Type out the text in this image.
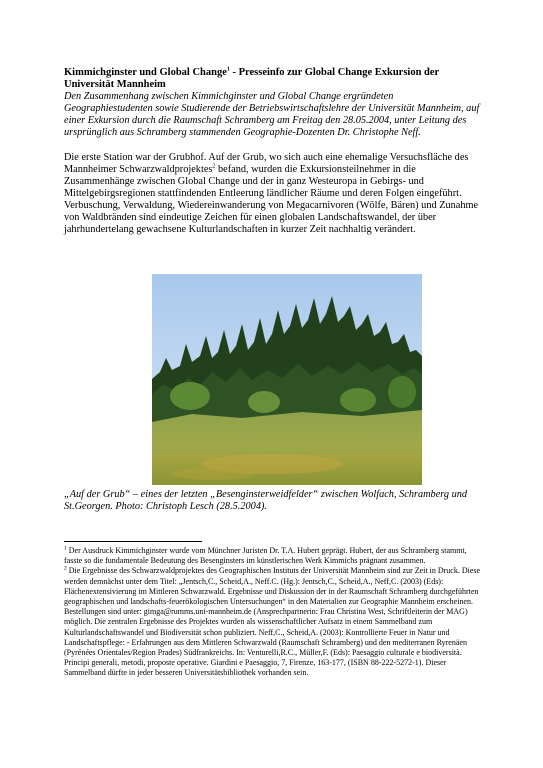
Kimmichginster und Global Change$^1$ - Presseinfo zur Global Change Exkursion der Universität Mannheim
Den Zusammenhang zwischen Kimmichginster und Global Change ergründeten Geographiestudenten sowie Studierende der Betriebswirtschaftslehre der Universität Mannheim, auf einer Exkursion durch die Raumschaft Schramberg am Freitag den 28.05.2004, unter Leitung des ursprünglich aus Schramberg stammenden Geographie-Dozenten Dr. Christophe Neff.
Die erste Station war der Grubhof. Auf der Grub, wo sich auch eine ehemalige Versuchsfläche des Mannheimer Schwarzwaldprojektes$^2$ befand, wurden die Exkursionsteilnehmer in die Zusammenhänge zwischen Global Change und der in ganz Westeuropa in Gebirgs- und Mittelgebirgsregionen stattfindenden Entleerung ländlicher Räume und deren Folgen eingeführt. Verbuschung, Verwaldung, Wiedereinwanderung von Megacarnivoren (Wölfe, Bären) und Zunahme von Waldbränden sind eindeutige Zeichen für einen globalen Landschaftswandel, der über jahrhundertelang gewachsene Kulturlandschaften in kurzer Zeit nachhaltig verändert.
„Auf der Grub“ – eines der letzten „Besenginsterweidfelder“ zwischen Wolfach, Schramberg und St.Georgen. Photo: Christoph Lesch (28.5.2004).

$^1$ Der Ausdruck Kimmichginster wurde vom Münchner Juristen Dr. T.A. Hubert geprägt. Hubert, der aus Schramberg stammt, fasste so die fundamentale Bedeutung des Besenginsters im künstlerischen Werk Kimmichs prägnant zusammen.

$^2$ Die Ergebnisse des Schwarzwaldprojektes des Geographischen Instituts der Universität Mannheim sind zur Zeit in Druck. Diese werden demnächst unter dem Titel: „Jentsch,C., Scheid,A., Neff.C. (Hg.): Jentsch,C., Scheid,A., Neff,C. (2003) (Eds): Flächenextensivierung im Mittleren Schwarzwald. Ergebnisse und Diskussion der in der Raumschaft Schramberg durchgeführten geographischen und landschafts-feuerökologischen Untersuchungen“ in den Materialien zur Geographie Mannheim erscheinen. Bestellungen sind unter: gimga@rumms.uni-mannheim.de (Ansprechpartnerin: Frau Christina West, Schriftleiterin der MAG) möglich. Die zentralen Ergebnisse des Projektes wurden als wissenschaftlicher Aufsatz in einem Sammelband zum Kulturlandschaftswandel und Biodiversität schon publiziert. Neff,C., Scheid,A. (2003): Kontrollierte Feuer in Natur und Landschaftspflege: - Erfahrungen aus dem Mittleren Schwarzwald (Raumschaft Schramberg) und den mediterranen Ryrenäen (Pyrénées Orientales/Region Prades) Südfrankreichs. In: Venturelli,R.C., Müller,F. (Eds): Paesaggio culturale e biodiversità. Principi generali, metodi, proposte operative. Giardini e Paesaggio, 7, Firenze, 163-177, (ISBN 88-222-5272-1). Dieser Sammelband dürfte in jeder besseren Universitätsbibliothek vorhanden sein.
